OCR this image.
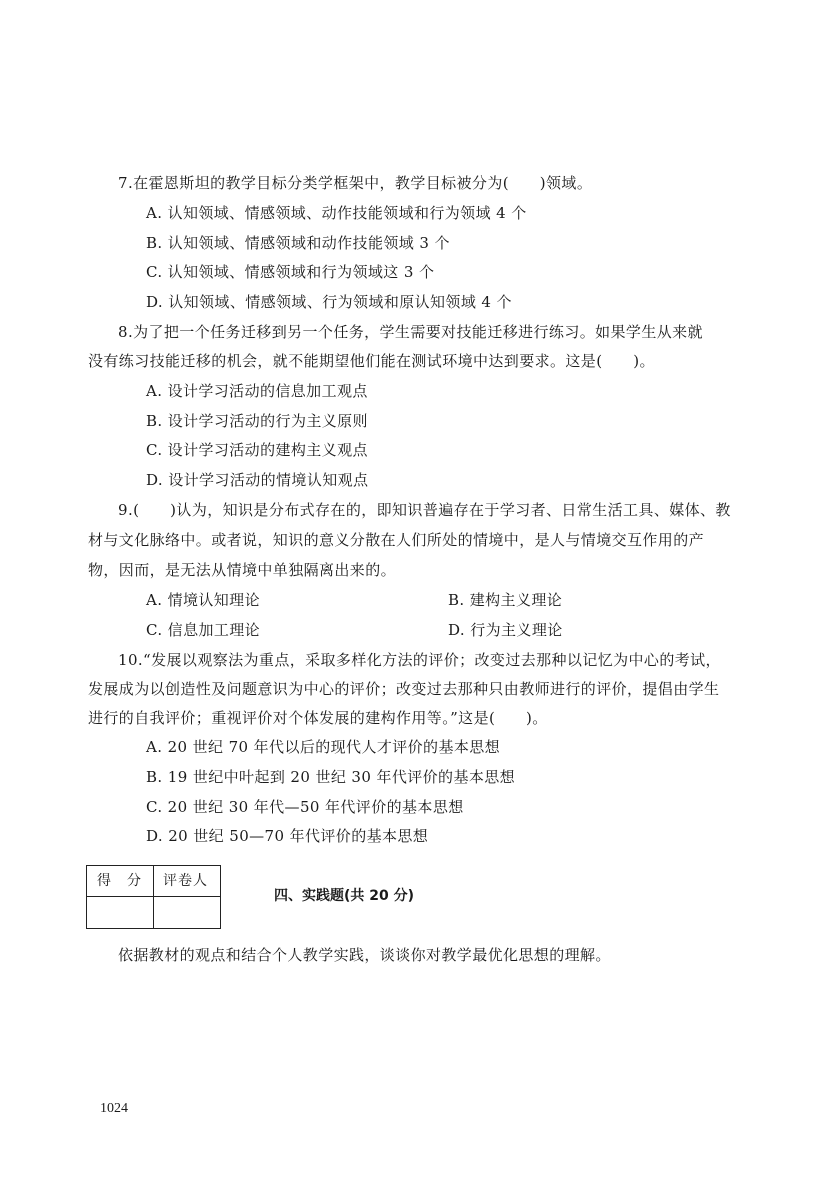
7.在霍恩斯坦的教学目标分类学框架中，教学目标被分为(　　)领域。
A. 认知领域、情感领域、动作技能领域和行为领域 4 个
B. 认知领域、情感领域和动作技能领域 3 个
C. 认知领域、情感领域和行为领域这 3 个
D. 认知领域、情感领域、行为领域和原认知领域 4 个
8.为了把一个任务迁移到另一个任务，学生需要对技能迁移进行练习。如果学生从来就
没有练习技能迁移的机会，就不能期望他们能在测试环境中达到要求。这是(　　)。
A. 设计学习活动的信息加工观点
B. 设计学习活动的行为主义原则
C. 设计学习活动的建构主义观点
D. 设计学习活动的情境认知观点
9.(　　)认为，知识是分布式存在的，即知识普遍存在于学习者、日常生活工具、媒体、教
材与文化脉络中。或者说，知识的意义分散在人们所处的情境中，是人与情境交互作用的产
物，因而，是无法从情境中单独隔离出来的。
A. 情境认知理论	B. 建构主义理论
C. 信息加工理论	D. 行为主义理论
10.“发展以观察法为重点，采取多样化方法的评价；改变过去那种以记忆为中心的考试，
发展成为以创造性及问题意识为中心的评价；改变过去那种只由教师进行的评价，提倡由学生
进行的自我评价；重视评价对个体发展的建构作用等。”这是(　　)。
A. 20 世纪 70 年代以后的现代人才评价的基本思想
B. 19 世纪中叶起到 20 世纪 30 年代评价的基本思想
C. 20 世纪 30 年代—50 年代评价的基本思想
D. 20 世纪 50—70 年代评价的基本思想
得　分 评卷人
四、实践题(共 20 分)
依据教材的观点和结合个人教学实践，谈谈你对教学最优化思想的理解。
1024
